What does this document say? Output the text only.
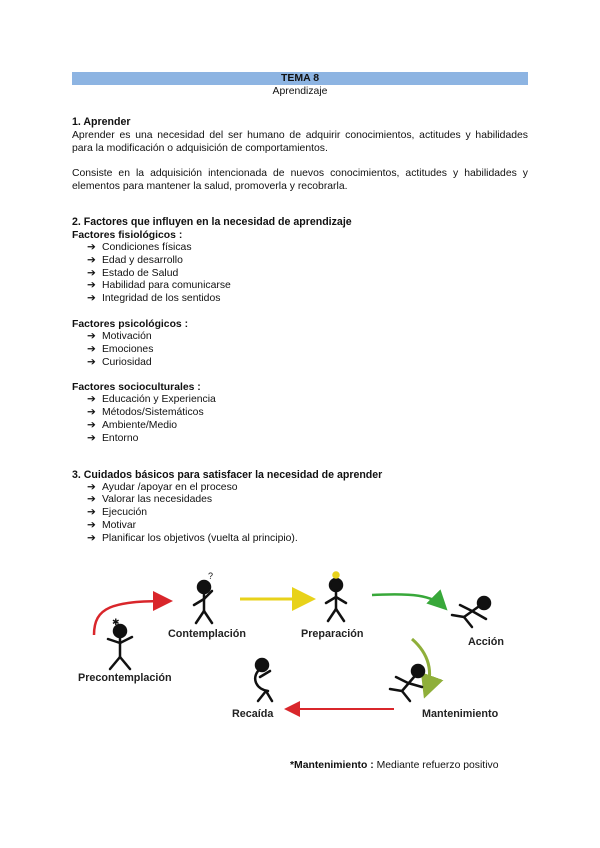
TEMA 8
Aprendizaje
1. Aprender

Aprender es una necesidad del ser humano de adquirir conocimientos, actitudes y habilidades para la modificación o adquisición de comportamientos.

Consiste en la adquisición intencionada de nuevos conocimientos, actitudes y habilidades y elementos para mantener la salud, promoverla y recobrarla.

2. Factores que influyen en la necesidad de aprendizaje
Factores fisiológicos :
➔ Condiciones físicas
➔ Edad y desarrollo
➔ Estado de Salud
➔ Habilidad para comunicarse
➔ Integridad de los sentidos
Factores psicológicos :
➔ Motivación
➔ Emociones
➔ Curiosidad
Factores socioculturales :
➔ Educación y Experiencia
➔ Métodos/Sistemáticos
➔ Ambiente/Medio
➔ Entorno
3. Cuidados básicos para satisfacer la necesidad de aprender
➔ Ayudar /apoyar en el proceso
➔ Valorar las necesidades
➔ Ejecución
➔ Motivar
➔ Planificar los objetivos (vuelta al principio).
✱
?
Contemplación	Preparación
Acción
Precontemplación
Recaída	Mantenimiento
*Mantenimiento : Mediante refuerzo positivo
